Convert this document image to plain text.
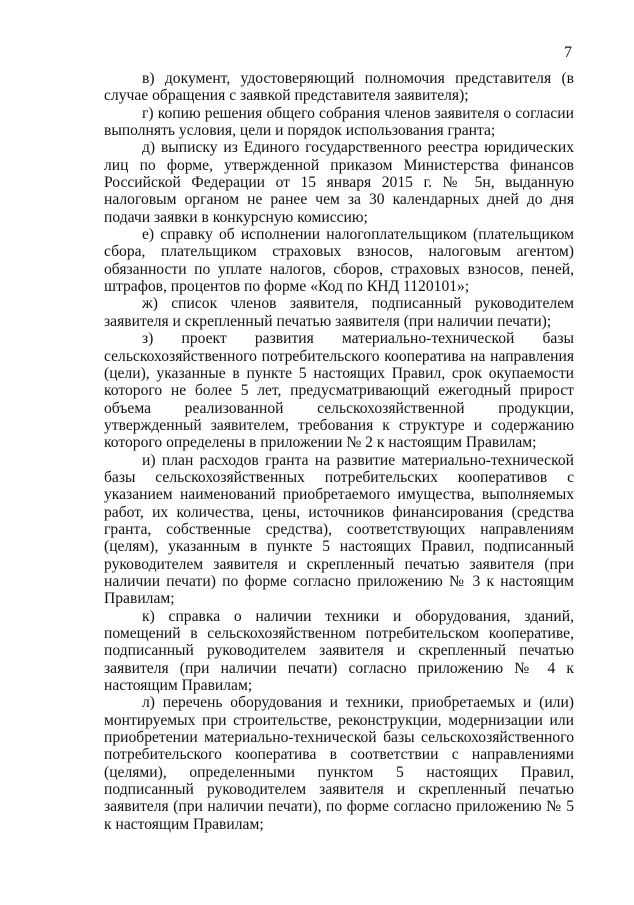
7

в) документ, удостоверяющий полномочия представителя (в случае обращения с заявкой представителя заявителя);

г) копию решения общего собрания членов заявителя о согласии выполнять условия, цели и порядок использования гранта;

д) выписку из Единого государственного реестра юридических лиц по форме, утвержденной приказом Министерства финансов Российской Федерации от 15 января 2015 г. № 5н, выданную налоговым органом не ранее чем за 30 календарных дней до дня подачи заявки в конкурсную комиссию;

е) справку об исполнении налогоплательщиком (плательщиком сбора, плательщиком страховых взносов, налоговым агентом) обязанности по уплате налогов, сборов, страховых взносов, пеней, штрафов, процентов по форме «Код по КНД 1120101»;

ж) список членов заявителя, подписанный руководителем заявителя и скрепленный печатью заявителя (при наличии печати);

з) проект развития материально-технической базы сельскохозяйственного потребительского кооператива на направления (цели), указанные в пункте 5 настоящих Правил, срок окупаемости которого не более 5 лет, предусматривающий ежегодный прирост объема реализованной сельскохозяйственной продукции, утвержденный заявителем, требования к структуре и содержанию которого определены в приложении № 2 к настоящим Правилам;

и) план расходов гранта на развитие материально-технической базы сельскохозяйственных потребительских кооперативов с указанием наименований приобретаемого имущества, выполняемых работ, их количества, цены, источников финансирования (средства гранта, собственные средства), соответствующих направлениям (целям), указанным в пункте 5 настоящих Правил, подписанный руководителем заявителя и скрепленный печатью заявителя (при наличии печати) по форме согласно приложению № 3 к настоящим Правилам;

к) справка о наличии техники и оборудования, зданий, помещений в сельскохозяйственном потребительском кооперативе, подписанный руководителем заявителя и скрепленный печатью заявителя (при наличии печати) согласно приложению № 4 к настоящим Правилам;

л) перечень оборудования и техники, приобретаемых и (или) монтируемых при строительстве, реконструкции, модернизации или приобретении материально-технической базы сельскохозяйственного потребительского кооператива в соответствии с направлениями (целями), определенными пунктом 5 настоящих Правил, подписанный руководителем заявителя и скрепленный печатью заявителя (при наличии печати), по форме согласно приложению № 5 к настоящим Правилам;
